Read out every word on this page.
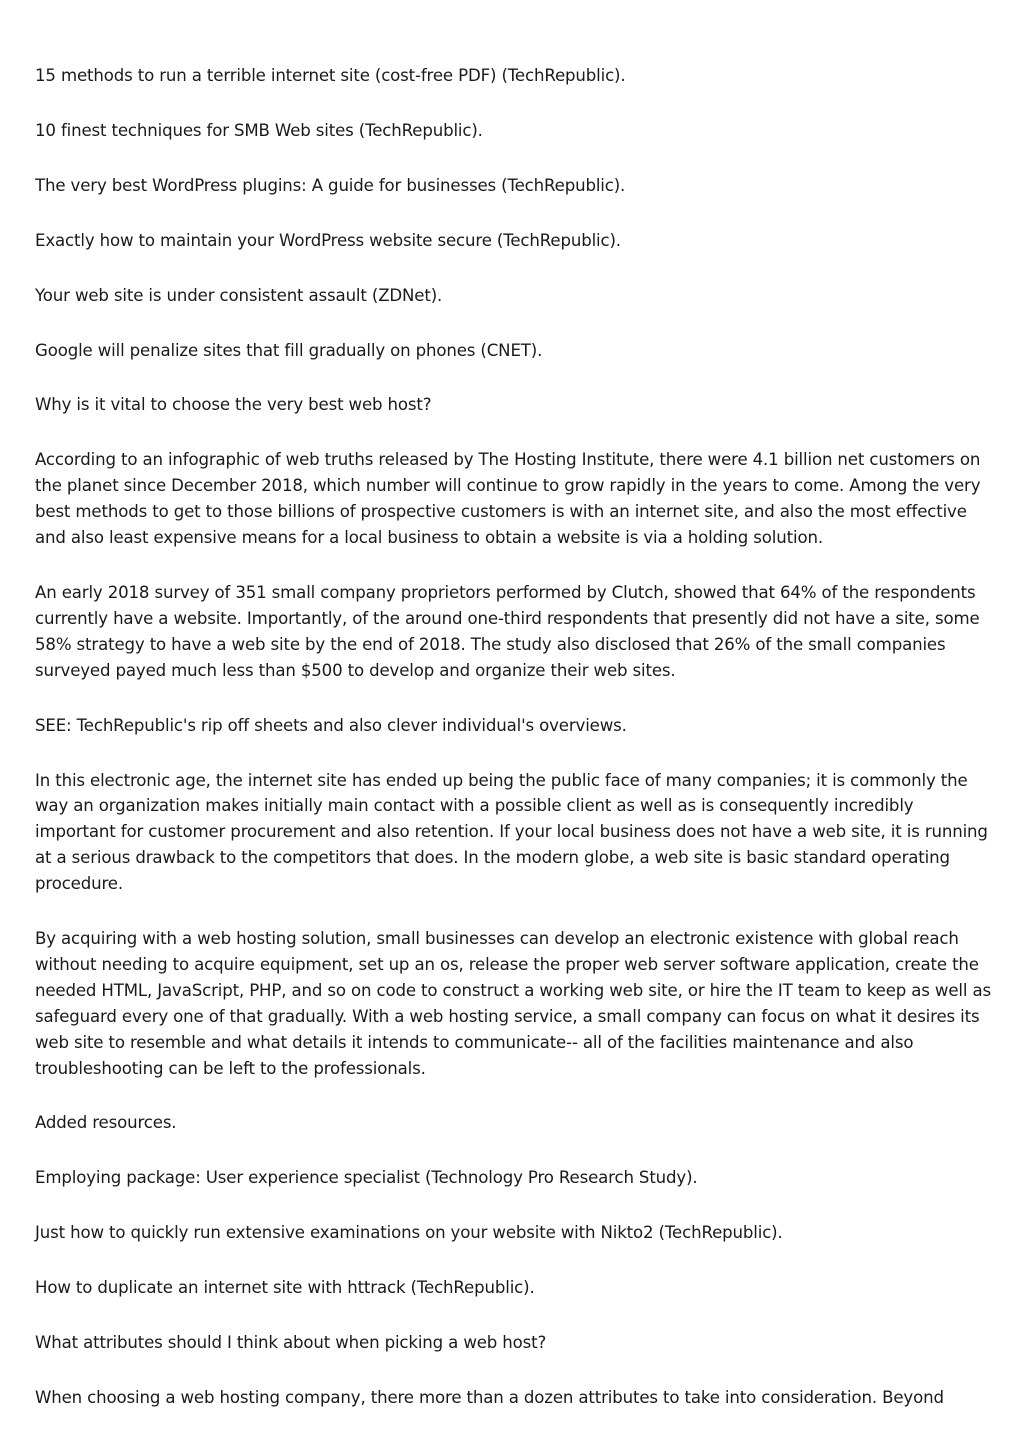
15 methods to run a terrible internet site (cost-free PDF) (TechRepublic).

10 finest techniques for SMB Web sites (TechRepublic).

The very best WordPress plugins: A guide for businesses (TechRepublic).

Exactly how to maintain your WordPress website secure (TechRepublic).

Your web site is under consistent assault (ZDNet).

Google will penalize sites that fill gradually on phones (CNET).

Why is it vital to choose the very best web host?

According to an infographic of web truths released by The Hosting Institute, there were 4.1 billion net customers on the planet since December 2018, which number will continue to grow rapidly in the years to come. Among the very best methods to get to those billions of prospective customers is with an internet site, and also the most effective and also least expensive means for a local business to obtain a website is via a holding solution.

An early 2018 survey of 351 small company proprietors performed by Clutch, showed that 64% of the respondents currently have a website. Importantly, of the around one-third respondents that presently did not have a site, some 58% strategy to have a web site by the end of 2018. The study also disclosed that 26% of the small companies surveyed payed much less than $500 to develop and organize their web sites.

SEE: TechRepublic's rip off sheets and also clever individual's overviews.

In this electronic age, the internet site has ended up being the public face of many companies; it is commonly the way an organization makes initially main contact with a possible client as well as is consequently incredibly important for customer procurement and also retention. If your local business does not have a web site, it is running at a serious drawback to the competitors that does. In the modern globe, a web site is basic standard operating procedure.

By acquiring with a web hosting solution, small businesses can develop an electronic existence with global reach without needing to acquire equipment, set up an os, release the proper web server software application, create the needed HTML, JavaScript, PHP, and so on code to construct a working web site, or hire the IT team to keep as well as safeguard every one of that gradually. With a web hosting service, a small company can focus on what it desires its web site to resemble and what details it intends to communicate-- all of the facilities maintenance and also troubleshooting can be left to the professionals.

Added resources.

Employing package: User experience specialist (Technology Pro Research Study).

Just how to quickly run extensive examinations on your website with Nikto2 (TechRepublic).

How to duplicate an internet site with httrack (TechRepublic).

What attributes should I think about when picking a web host?

When choosing a web hosting company, there more than a dozen attributes to take into consideration. Beyond
